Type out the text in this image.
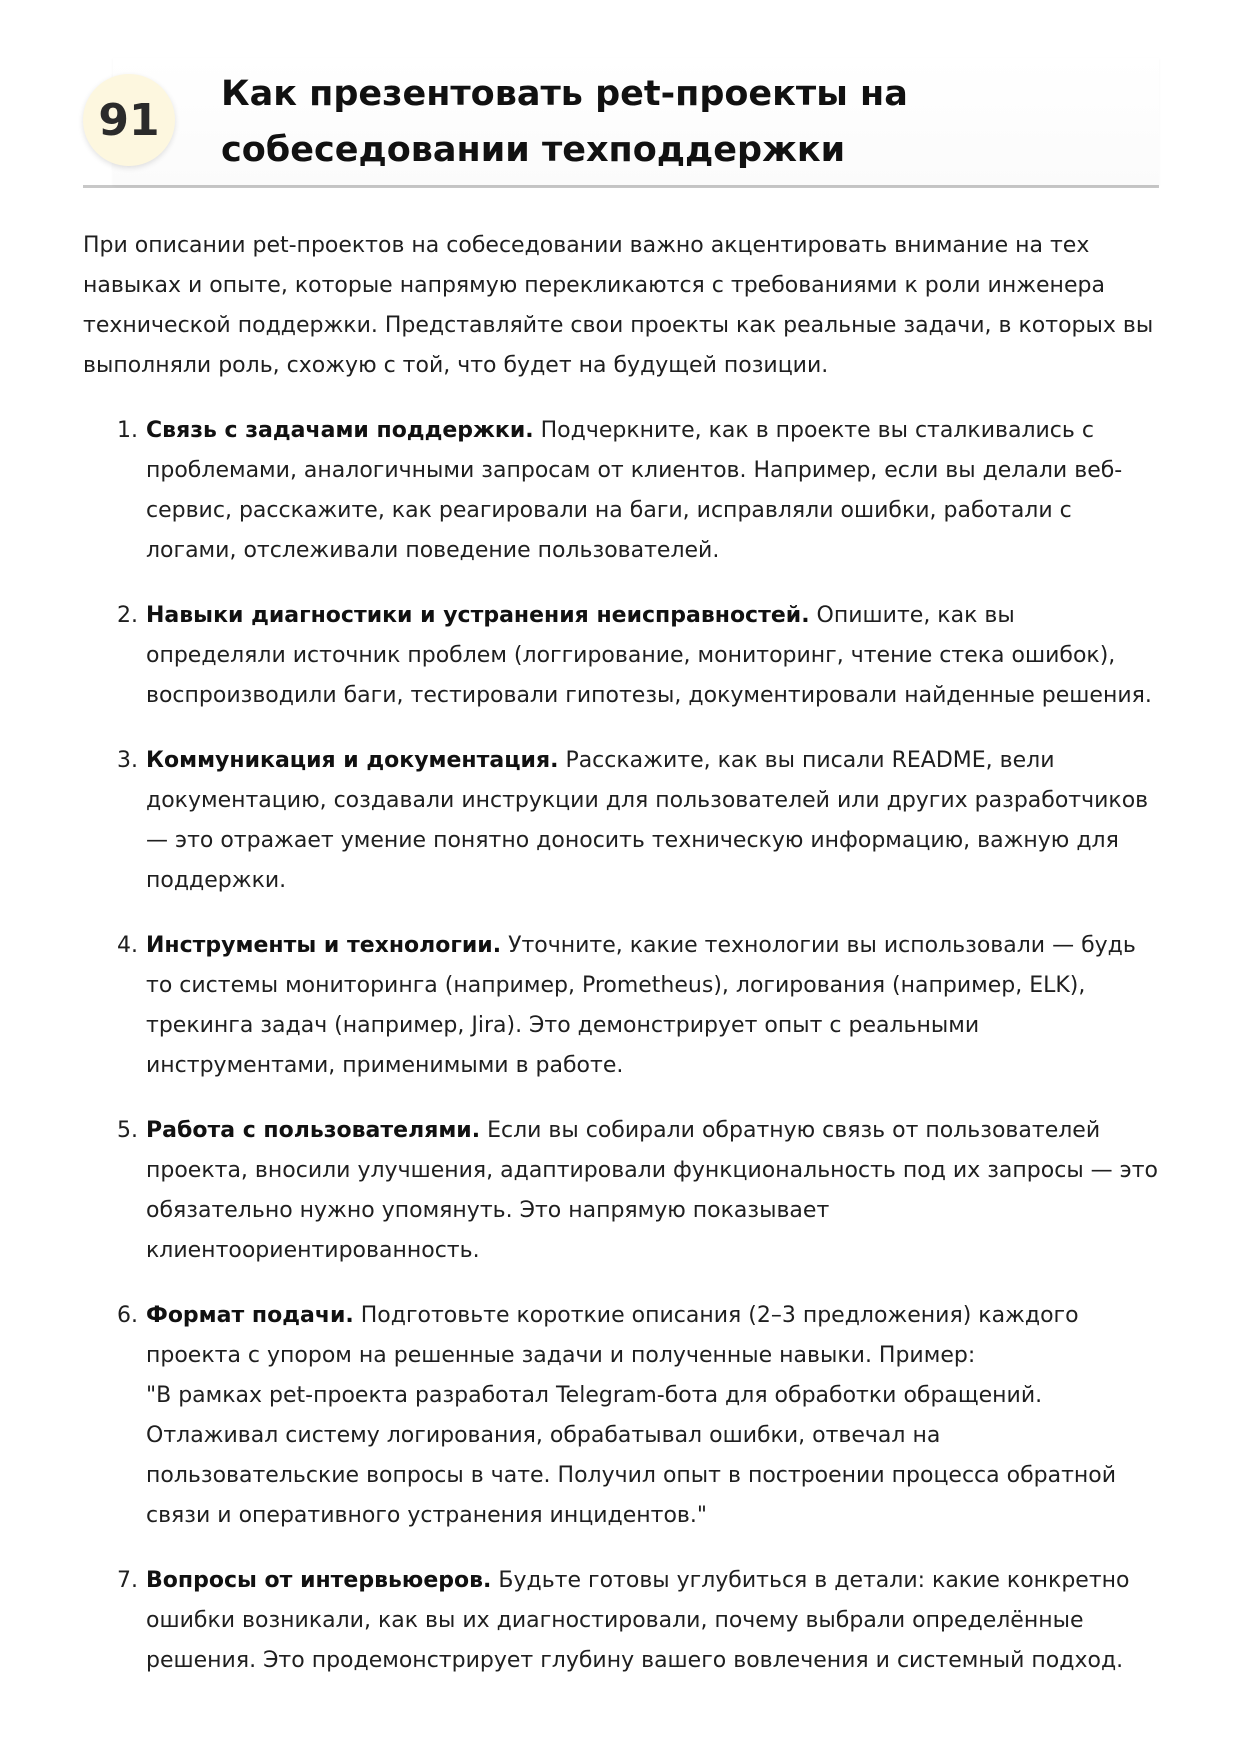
91
Как презентовать pet-проекты на собеседовании техподдержки

При описании pet-проектов на собеседовании важно акцентировать внимание на тех навыках и опыте, которые напрямую перекликаются с требованиями к роли инженера технической поддержки. Представляйте свои проекты как реальные задачи, в которых вы выполняли роль, схожую с той, что будет на будущей позиции.

1. Связь с задачами поддержки. Подчеркните, как в проекте вы сталкивались с проблемами, аналогичными запросам от клиентов. Например, если вы делали веб-сервис, расскажите, как реагировали на баги, исправляли ошибки, работали с логами, отслеживали поведение пользователей.
2. Навыки диагностики и устранения неисправностей. Опишите, как вы определяли источник проблем (логгирование, мониторинг, чтение стека ошибок), воспроизводили баги, тестировали гипотезы, документировали найденные решения.
3. Коммуникация и документация. Расскажите, как вы писали README, вели документацию, создавали инструкции для пользователей или других разработчиков — это отражает умение понятно доносить техническую информацию, важную для поддержки.
4. Инструменты и технологии. Уточните, какие технологии вы использовали — будь то системы мониторинга (например, Prometheus), логирования (например, ELK), трекинга задач (например, Jira). Это демонстрирует опыт с реальными инструментами, применимыми в работе.
5. Работа с пользователями. Если вы собирали обратную связь от пользователей проекта, вносили улучшения, адаптировали функциональность под их запросы — это обязательно нужно упомянуть. Это напрямую показывает клиентоориентированность.
6. Формат подачи. Подготовьте короткие описания (2–3 предложения) каждого проекта с упором на решенные задачи и полученные навыки. Пример:
"В рамках pet-проекта разработал Telegram-бота для обработки обращений. Отлаживал систему логирования, обрабатывал ошибки, отвечал на пользовательские вопросы в чате. Получил опыт в построении процесса обратной связи и оперативного устранения инцидентов."
7. Вопросы от интервьюеров. Будьте готовы углубиться в детали: какие конкретно ошибки возникали, как вы их диагностировали, почему выбрали определённые решения. Это продемонстрирует глубину вашего вовлечения и системный подход.
